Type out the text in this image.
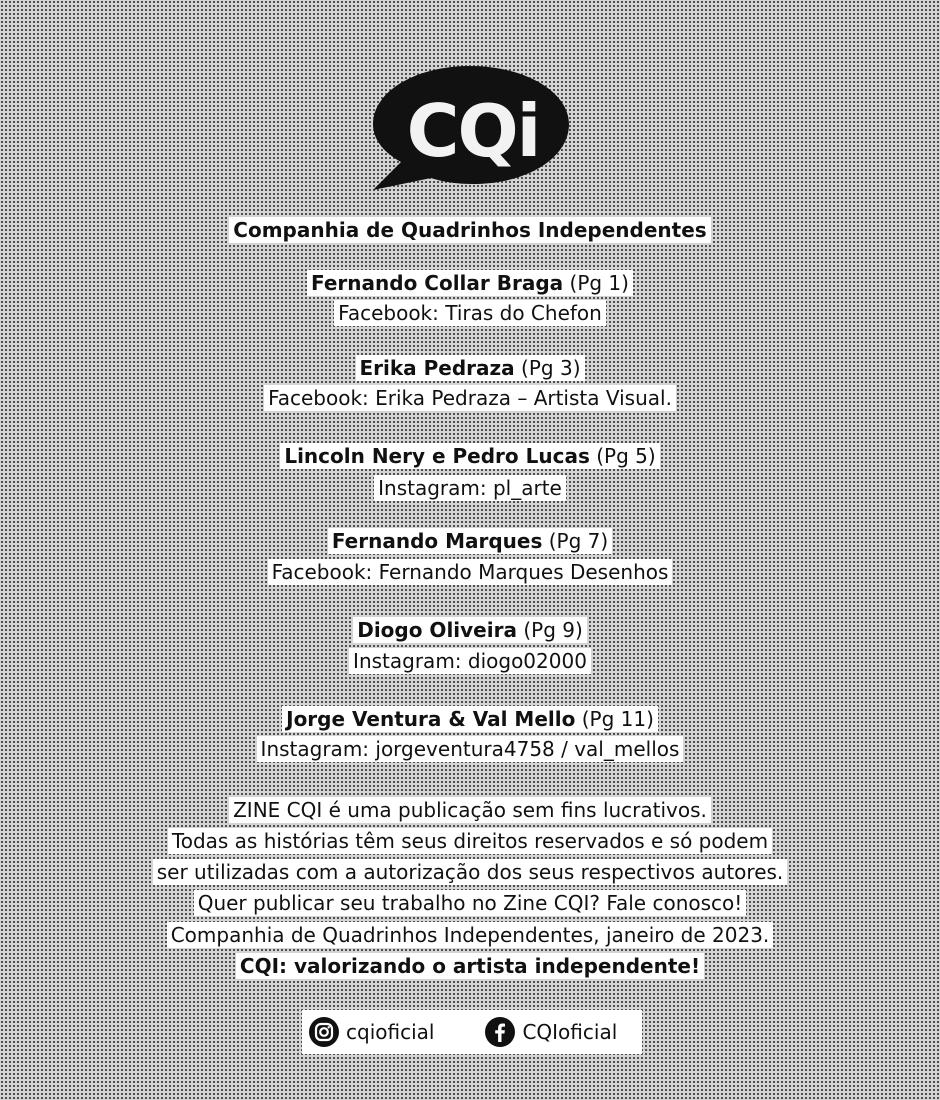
CQi
Companhia de Quadrinhos Independentes
Fernando Collar Braga (Pg 1)
Facebook: Tiras do Chefon
Erika Pedraza (Pg 3)
Facebook: Erika Pedraza – Artista Visual.
Lincoln Nery e Pedro Lucas (Pg 5)
Instagram: pl_arte
Fernando Marques (Pg 7)
Facebook: Fernando Marques Desenhos
Diogo Oliveira (Pg 9)
Instagram: diogo02000
Jorge Ventura & Val Mello (Pg 11)
Instagram: jorgeventura4758 / val_mellos
ZINE CQI é uma publicação sem fins lucrativos.
Todas as histórias têm seus direitos reservados e só podem
ser utilizadas com a autorização dos seus respectivos autores.
Quer publicar seu trabalho no Zine CQI? Fale conosco!
Companhia de Quadrinhos Independentes, janeiro de 2023.
CQI: valorizando o artista independente!
cqioficial	CQIoficial
